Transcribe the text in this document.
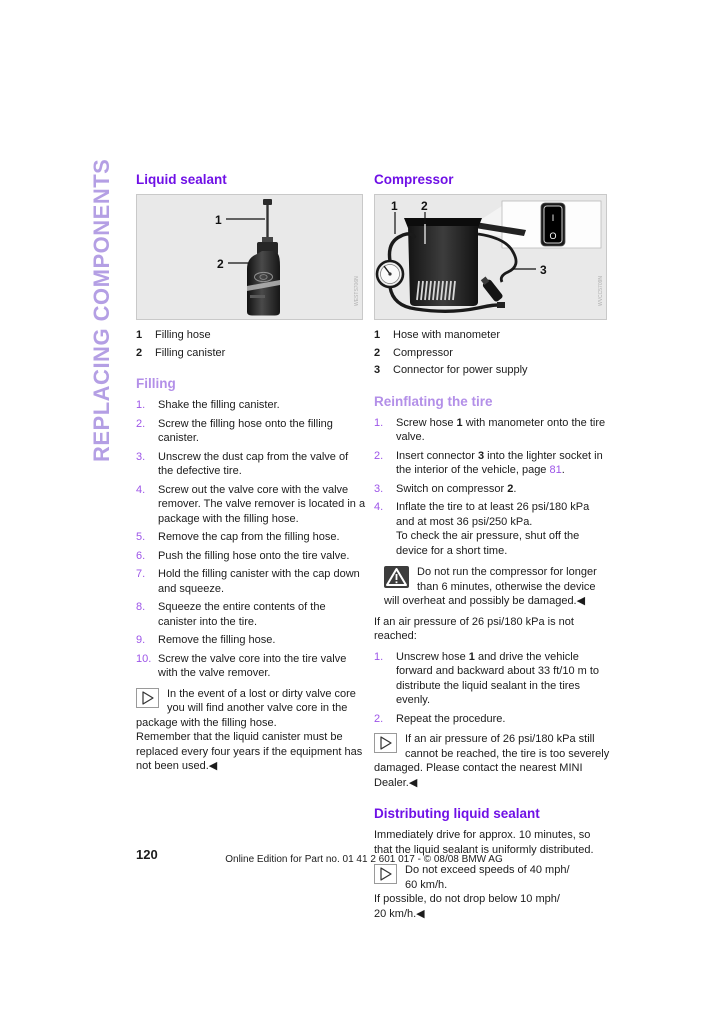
REPLACING COMPONENTS Liquid sealant
1
2
WESTS706N
1 Filling hose
2 Filling canister
Filling
1. Shake the filling canister.
2. Screw the filling hose onto the filling canister.
3. Unscrew the dust cap from the valve of the defective tire.
4. Screw out the valve core with the valve remover. The valve remover is located in a package with the filling hose.
5. Remove the cap from the filling hose.
6. Push the filling hose onto the tire valve.
7. Hold the filling canister with the cap down and squeeze.
8. Squeeze the entire contents of the canister into the tire.
9. Remove the filling hose.
10. Screw the valve core into the tire valve with the valve remover.
In the event of a lost or dirty valve core you will find another valve core in the package with the filling hose.
Remember that the liquid canister must be replaced every four years if the equipment has not been used.◀
Compressor
I
O
1 2
3
WVCC5709N
1 Hose with manometer
2 Compressor
3 Connector for power supply
Reinflating the tire
1. Screw hose 1 with manometer onto the tire valve.
2. Insert connector 3 into the lighter socket in the interior of the vehicle, page 81.
3. Switch on compressor 2.
4. Inflate the tire to at least 26 psi/180 kPa and at most 36 psi/250 kPa.
To check the air pressure, shut off the device for a short time.
Do not run the compressor for longer than 6 minutes, otherwise the device will overheat and possibly be damaged.◀
If an air pressure of 26 psi/180 kPa is not reached:
1. Unscrew hose 1 and drive the vehicle forward and backward about 33 ft/10 m to distribute the liquid sealant in the tires evenly.
2. Repeat the procedure.
If an air pressure of 26 psi/180 kPa still cannot be reached, the tire is too severely damaged. Please contact the nearest MINI Dealer.◀
Distributing liquid sealant
Immediately drive for approx. 10 minutes, so that the liquid sealant is uniformly distributed.
Do not exceed speeds of 40 mph/
60 km/h.
If possible, do not drop below 10 mph/
20 km/h.◀
120	Online Edition for Part no. 01 41 2 601 017 - © 08/08 BMW AG
